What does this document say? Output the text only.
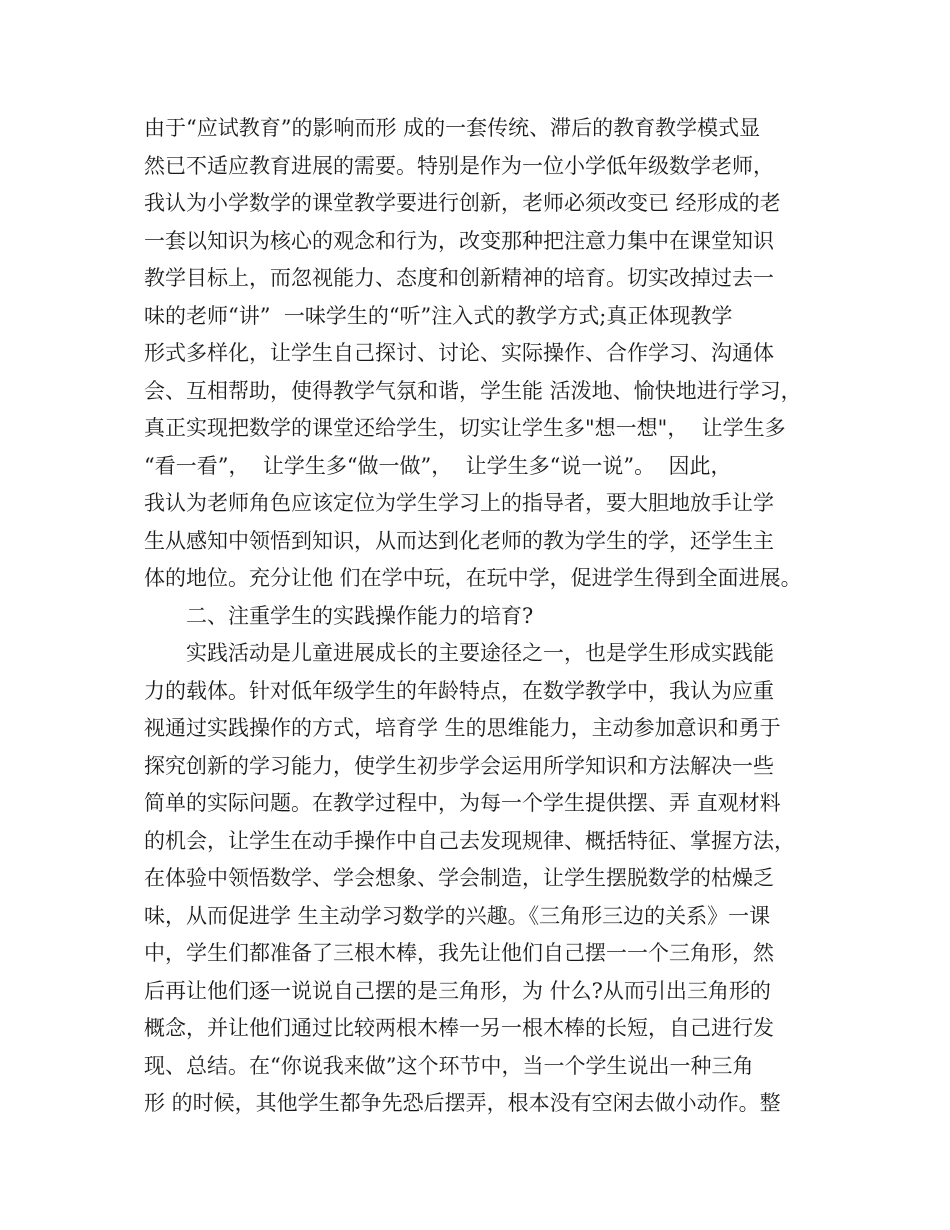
由于“应试教育”的影响而形 成的一套传统、滞后的教育教学模式显
然已不适应教育进展的需要。特别是作为一位小学低年级数学老师，
我认为小学数学的课堂教学要进行创新，老师必须改变已 经形成的老
一套以知识为核心的观念和行为，改变那种把注意力集中在课堂知识
教学目标上，而忽视能力、态度和创新精神的培育。切实改掉过去一
味的老师“讲”  一味学生的“听”注入式的教学方式;真正体现教学
形式多样化，让学生自己探讨、讨论、实际操作、合作学习、沟通体
会、互相帮助，使得教学气氛和谐，学生能 活泼地、愉快地进行学习，
真正实现把数学的课堂还给学生，切实让学生多"想一想"，  让学生多
“看一看”，  让学生多“做一做”，  让学生多“说一说”。  因此，
我认为老师角色应该定位为学生学习上的指导者，要大胆地放手让学
生从感知中领悟到知识，从而达到化老师的教为学生的学，还学生主
体的地位。充分让他 们在学中玩，在玩中学，促进学生得到全面进展。
二、注重学生的实践操作能力的培育?
实践活动是儿童进展成长的主要途径之一，也是学生形成实践能
力的载体。针对低年级学生的年龄特点，在数学教学中，我认为应重
视通过实践操作的方式，培育学 生的思维能力，主动参加意识和勇于
探究创新的学习能力，使学生初步学会运用所学知识和方法解决一些
简单的实际问题。在教学过程中，为每一个学生提供摆、弄 直观材料
的机会，让学生在动手操作中自己去发现规律、概括特征、掌握方法，
在体验中领悟数学、学会想象、学会制造，让学生摆脱数学的枯燥乏
味，从而促进学 生主动学习数学的兴趣。《三角形三边的关系》一课
中，学生们都准备了三根木棒，我先让他们自己摆一一个三角形，然
后再让他们逐一说说自己摆的是三角形，为 什么?从而引出三角形的
概念，并让他们通过比较两根木棒一另一根木棒的长短，自己进行发
现、总结。在“你说我来做”这个环节中，当一个学生说出一种三角
形 的时候，其他学生都争先恐后摆弄，根本没有空闲去做小动作。整
